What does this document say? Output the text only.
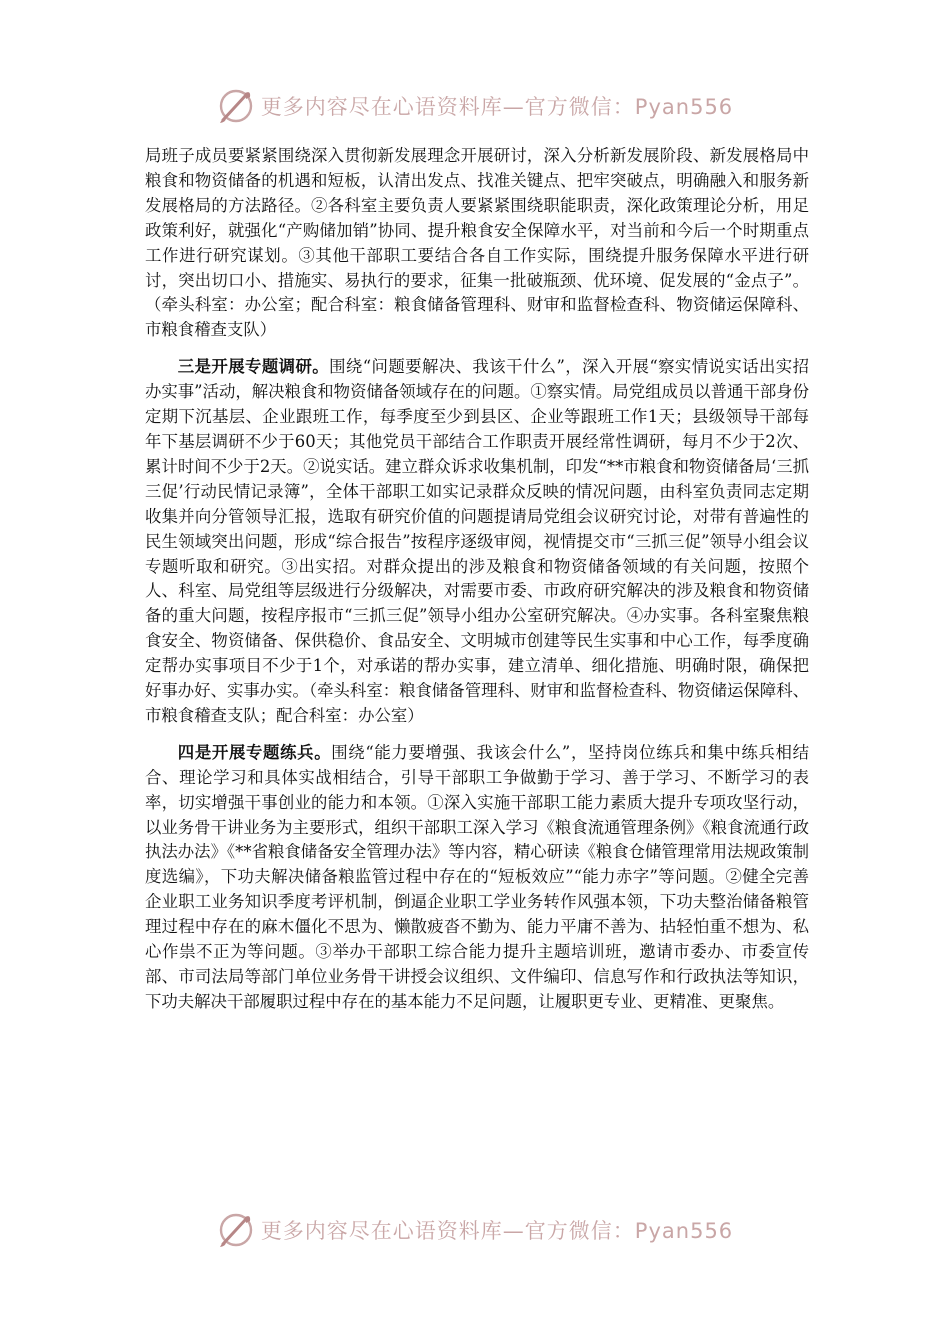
更多内容尽在心语资料库—官方微信：Pyan556

局班子成员要紧紧围绕深入贯彻新发展理念开展研讨，深入分析新发展阶段、新发展格局中粮食和物资储备的机遇和短板，认清出发点、找准关键点、把牢突破点，明确融入和服务新发展格局的方法路径。②各科室主要负责人要紧紧围绕职能职责，深化政策理论分析，用足政策利好，就强化“产购储加销”协同、提升粮食安全保障水平，对当前和今后一个时期重点工作进行研究谋划。③其他干部职工要结合各自工作实际，围绕提升服务保障水平进行研讨，突出切口小、措施实、易执行的要求，征集一批破瓶颈、优环境、促发展的“金点子”。（牵头科室：办公室；配合科室：粮食储备管理科、财审和监督检查科、物资储运保障科、市粮食稽查支队）

三是开展专题调研。围绕“问题要解决、我该干什么”，深入开展“察实情说实话出实招办实事”活动，解决粮食和物资储备领域存在的问题。①察实情。局党组成员以普通干部身份定期下沉基层、企业跟班工作，每季度至少到县区、企业等跟班工作1天；县级领导干部每年下基层调研不少于60天；其他党员干部结合工作职责开展经常性调研，每月不少于2次、累计时间不少于2天。②说实话。建立群众诉求收集机制，印发“**市粮食和物资储备局‘三抓三促’行动民情记录簿”，全体干部职工如实记录群众反映的情况问题，由科室负责同志定期收集并向分管领导汇报，选取有研究价值的问题提请局党组会议研究讨论，对带有普遍性的民生领域突出问题，形成“综合报告”按程序逐级审阅，视情提交市“三抓三促”领导小组会议专题听取和研究。③出实招。对群众提出的涉及粮食和物资储备领域的有关问题，按照个人、科室、局党组等层级进行分级解决，对需要市委、市政府研究解决的涉及粮食和物资储备的重大问题，按程序报市“三抓三促”领导小组办公室研究解决。④办实事。各科室聚焦粮食安全、物资储备、保供稳价、食品安全、文明城市创建等民生实事和中心工作，每季度确定帮办实事项目不少于1个，对承诺的帮办实事，建立清单、细化措施、明确时限，确保把好事办好、实事办实。（牵头科室：粮食储备管理科、财审和监督检查科、物资储运保障科、市粮食稽查支队；配合科室：办公室）

四是开展专题练兵。围绕“能力要增强、我该会什么”，坚持岗位练兵和集中练兵相结合、理论学习和具体实战相结合，引导干部职工争做勤于学习、善于学习、不断学习的表率，切实增强干事创业的能力和本领。①深入实施干部职工能力素质大提升专项攻坚行动，以业务骨干讲业务为主要形式，组织干部职工深入学习《粮食流通管理条例》《粮食流通行政执法办法》《**省粮食储备安全管理办法》等内容，精心研读《粮食仓储管理常用法规政策制度选编》，下功夫解决储备粮监管过程中存在的“短板效应”“能力赤字”等问题。②健全完善企业职工业务知识季度考评机制，倒逼企业职工学业务转作风强本领，下功夫整治储备粮管理过程中存在的麻木僵化不思为、懒散疲沓不勤为、能力平庸不善为、拈轻怕重不想为、私心作祟不正为等问题。③举办干部职工综合能力提升主题培训班，邀请市委办、市委宣传部、市司法局等部门单位业务骨干讲授会议组织、文件编印、信息写作和行政执法等知识，下功夫解决干部履职过程中存在的基本能力不足问题，让履职更专业、更精准、更聚焦。

更多内容尽在心语资料库—官方微信：Pyan556
